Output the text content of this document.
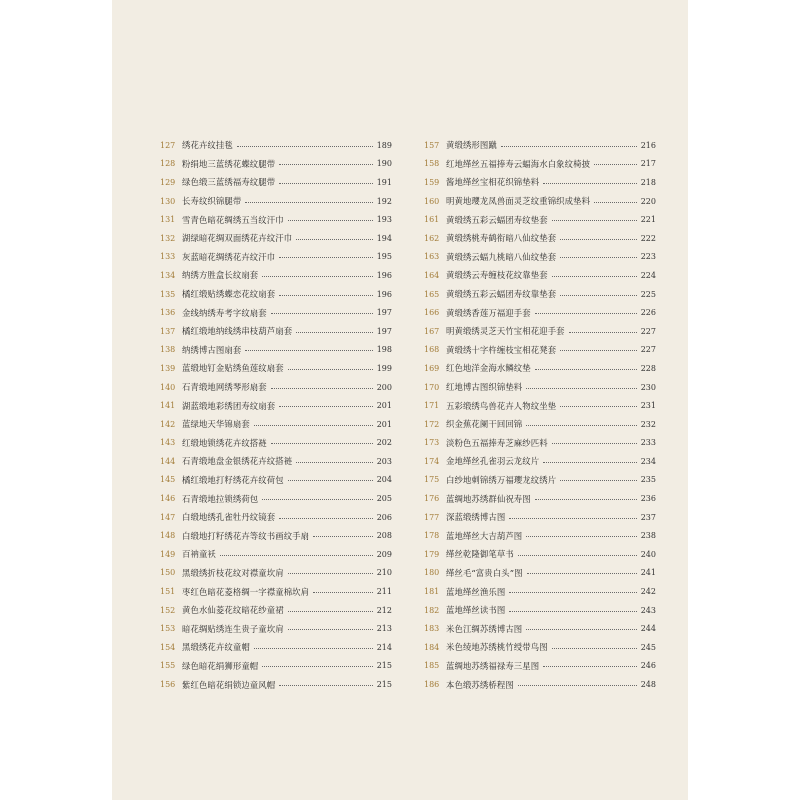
127 绣花卉纹挂毯	189
128 粉绢地三蓝绣花蝶纹腿带	190
129 绿色缎三蓝绣福寿纹腿带	191
130 长寿纹织锦腿带	192
131 雪青色暗花绸绣五当纹汗巾	193
132 湖绿暗花绸双面绣花卉纹汗巾	194
133 灰蓝暗花绸绣花卉纹汗巾	195
134 纳绣方胜盒长纹扇套	196
135 橘红缎贴绣蝶恋花纹扇套	196
136 金线纳绣寿考字纹扇套	197
137 橘红缎地纳线绣串枝葫芦扇套	197
138 纳绣博古图扇套	198
139 蓝缎地钉金贴绣鱼莲纹扇套	199
140 石青缎地网绣琴形扇套	200
141 湖蓝缎地彩绣团寿纹扇套	201
142 蓝绿地天华锦扇套	201
143 红缎地锁绣花卉纹搭裢	202
144 石青缎地盘金银绣花卉纹搭裢	203
145 橘红缎地打籽绣花卉纹荷包	204
146 石青缎地拉锁绣荷包	205
147 白缎地绣孔雀牡丹纹镜套	206
148 白缎地打籽绣花卉等纹书画纹手扇	208
149 百衲童袄	209
150 黑缎绣折枝花纹对襟童坎肩	210
151 枣红色暗花菱格绸一字襟童棉坎肩	211
152 黄色水仙菱花纹暗花纱童裙	212
153 暗花绸贴绣连生贵子童坎肩	213
154 黑缎绣花卉纹童帽	214
155 绿色暗花绢狮形童帽	215
156 紫红色暗花绢锁边童风帽	215
157 黄缎绣形图蹴	216
158 红地缂丝五福捧寿云蝠海水白象纹椅披	217
159 酱地缂丝宝相花织锦垫料	218
160 明黄地瓔龙凤兽面灵芝纹重锦织成垫料	220
161 黄缎绣五彩云蝠团寿纹垫套	221
162 黄缎绣桃寿鹤衔暗八仙纹垫套	222
163 黄缎绣云蝠九桃暗八仙纹垫套	223
164 黄缎绣云寿缠枝花纹靠垫套	224
165 黄缎绣五彩云蝠团寿纹靠垫套	225
166 黄缎绣香莲万福迎手套	226
167 明黄缎绣灵芝天竹宝相花迎手套	227
168 黄缎绣十字杵缠枝宝相花凳套	227
169 红色地洋金海水鳞纹垫	228
170 红地博古图织锦垫料	230
171 五彩缎绣鸟兽花卉人物纹坐垫	231
172 织金蕉花阑干回回锦	232
173 淡粉色五福捧寿芝麻纱匹料	233
174 金地缂丝孔雀羽云龙纹片	234
175 白纱地刺锦绣万福瓔龙纹绣片	235
176 蓝绸地苏绣群仙祝寿图	236
177 深蓝缎绣博古图	237
178 蓝地缂丝大吉葫芦图	238
179 缂丝乾隆御笔草书	240
180 缂丝毛“富贵白头”图	241
181 蓝地缂丝渔乐图	242
182 蓝地缂丝读书图	243
183 米色江绸苏绣博古图	244
184 米色绫地苏绣桃竹绶带鸟图	245
185 蓝绸地苏绣福禄寿三星图	246
186 本色缎苏绣桥程图	248
